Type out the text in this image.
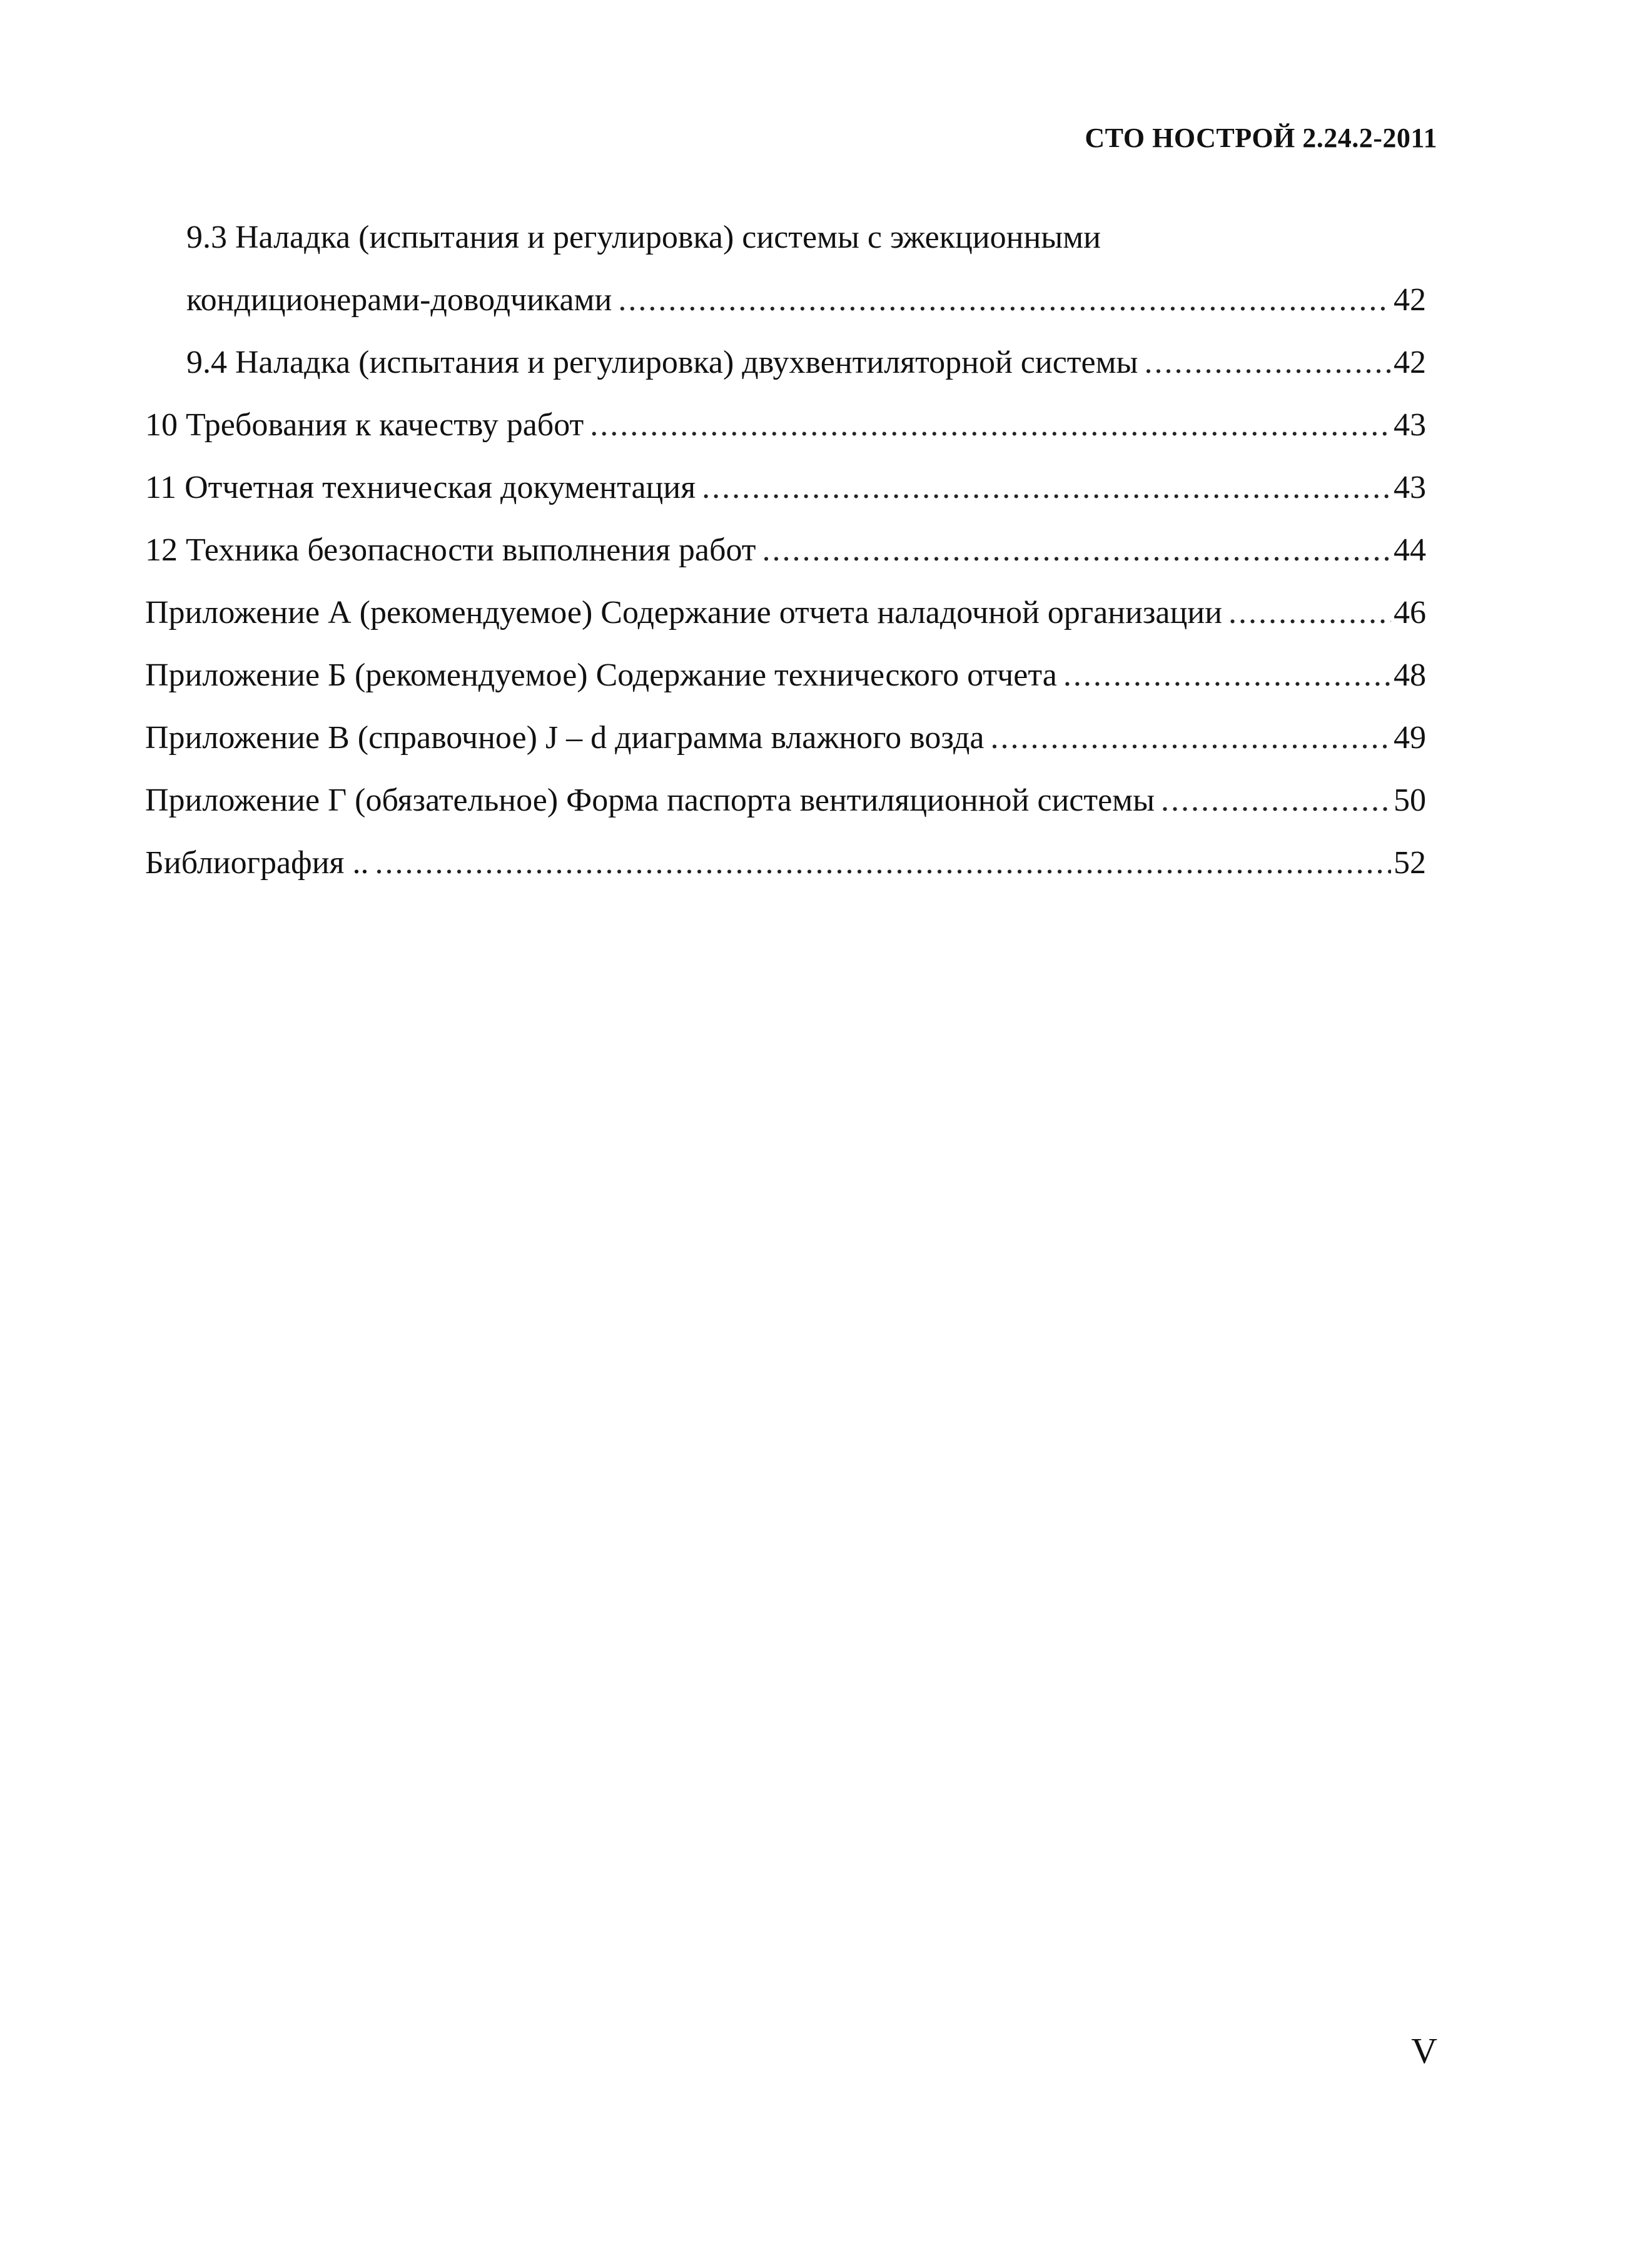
СТО НОСТРОЙ 2.24.2-2011
9.3 Наладка (испытания и регулировка) системы с эжекционными
кондиционерами-доводчиками .....	42
9.4 Наладка (испытания и регулировка) двухвентиляторной системы .....	42
10 Требования к качеству работ .....	43
11 Отчетная техническая документация .....	43
12 Техника безопасности выполнения работ .....	44
Приложение А (рекомендуемое) Содержание отчета наладочной организации .....	46
Приложение Б (рекомендуемое) Содержание технического отчета .....	48
Приложение В (справочное) J – d диаграмма влажного возда .....	49
Приложение Г (обязательное) Форма паспорта вентиляционной системы .....	50
Библиография .. .....	52
V
